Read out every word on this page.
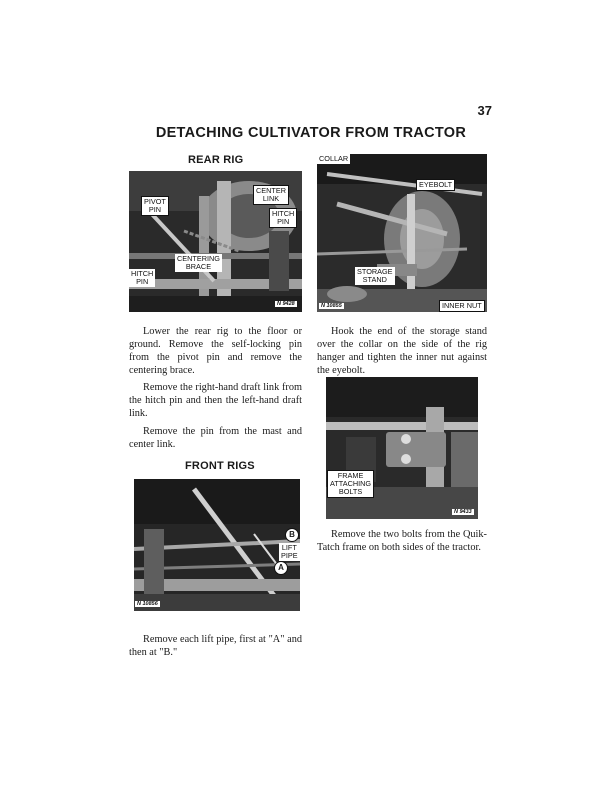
37
DETACHING CULTIVATOR FROM TRACTOR
REAR RIG
PIVOT
PIN
CENTER
LINK
HITCH
PIN
CENTERING
BRACE
HITCH
PIN
N 9428
COLLAR
EYEBOLT
STORAGE
STAND
INNER NUT
N 10855
Lower the rear rig to the floor or ground. Remove the self-locking pin from the pivot pin and remove the centering brace.
Remove the right-hand draft link from the hitch pin and then the left-hand draft link.
Remove the pin from the mast and center link.
Hook the end of the storage stand over the collar on the side of the rig hanger and tighten the inner nut against the eyebolt.
FRAME
ATTACHING
BOLTS
N 9433
Remove the two bolts from the Quik-Tatch frame on both sides of the tractor.
FRONT RIGS
B
LIFT
PIPE
A
N 10856
Remove each lift pipe, first at "A" and then at "B."
